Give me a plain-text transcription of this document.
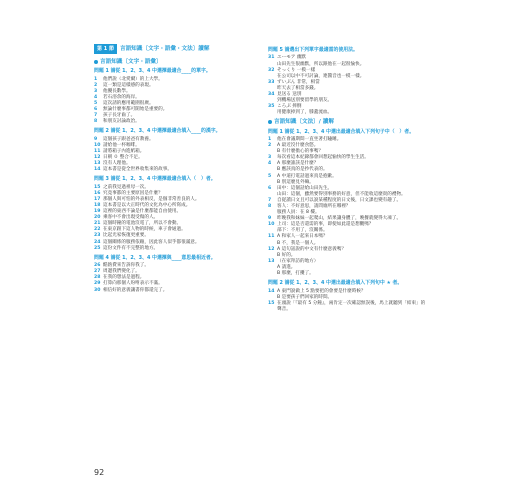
第 1 節	言語知識〔文字・語彙・文法〕讀解
言語知識〔文字・語彙〕
問題 1 請從 1、2、3、4 中選擇最適合____的單字。
1	他們說（北愛爾）的上大學。
2	這一類是這樣感的表現。
3	他擾長數學。
4	若石浴余的海岸。
5	這次請的應用範圍很廣。
6	無論什麼事都可開始是重要的。
7	孩子長牙齒了。
8	和朋友討論政治。
問題 2 請從 1、2、3、4 中選擇最適合填入____的漢字。
9	這個孩子跟爸爸有教養。
10 請給他一杯咖啡。
11 請將箱子內進紙箱。
12 日朝 ０ 整合不足。
13 沒有人理他。
14 這本書是從全世界收集來的故事。
問題 3 請從 1、2、3、4 中選擇最適合填入（　）者。
15 之前我見過祖母一次。
16 究竟事都的主要原因是什麼？
17 那個人與可怕的外表相反，是個非常善良的人。
18 這本書是以大正時代的文化為中心所寫成。
19 這裡的東西不論是什麼都能自由使用。
20 乘客中不會出現受傷的人。
21 這個時鐘的電池沒電了，所以不會動。
22 在東京跟下這人物的時候，車子會通過。
23 比起光家恢復更重要。
24 這個關係的服務依賴，因此客人似乎都很滿意。
25 這份文件有不完整的地方。
問題 4 請從 1、2、3、4 中選擇與____意思最相近者。
26 酷熱費來告訴你我了。
27 周邊我們變化了。
28 在我的想法是過程。
29 打算向那個人吩咐表示不滿。
30 相信好的意義讓書你都還完了。
問題 5 請選出下列單字最適當的使用法。
31 ユーモア 幽默
山田先生很幽默，所以跟他在一起很愉快。
32 そっくり 一模一樣
在公司以中不可討論，連醬音也一模一樣。
33 ずいぶん 非常，相當
昨天去了相當多錢。
34 見送る 送別
到機場送別要留學的朋友。
35 ころぶ 摔倒
用健康掉到了，膝蓋流血。
言語知識〔文法〕/ 讀解
問題 1 請從 1、2、3、4 中選出最適合填入下列句子中（　）者。
1	他在會議期間一直坐著打瞌睡。
2	A 最近沒什麼食慾。
B 有什麼擔心的事嗎？
3	每次看這本紀錄都會回想起愉快的學生生活。
4	A 那麼誰該是什麼？
B 應該真的是抄代表的。
5	A 中道打電話過來真是抱歉。
B 別這麼見外嘛。
6	田中：這個話給山田先生。
山田：這個，雖然要得別事務的好意，但不能收這麼貴的禮物。
7	自從讀日文且可以說某種程度的日文後，日文課也變有趣了。
8	客人：不好意思，請問廁所在哪裡？
服務人員：在 8 樓。
9	昨晚我和妹妹一起爬山，結果讓身體了，晚餐就變得大凍了。
10 上司：這是否還需的事，即使如此還是想觀嗎？
部下：不用了，沒關係。
11 A 和家人一起來日本嗎？
B 不，我是一個人。
12 A 這句話說的中文有什麼意義嗎？
B 好的。
13 （在家拜訪的地方）
A 請進。
B 那麼，打擾了。
問題 2 請從 1、2、3、4 中選出最適合填入下列句中 ★ 者。
14 A 東門說做上 5 點要把的會要是什麼時候？
B 是要孩子們回家的時間。
15 在頭說「『最有 5 分鐘』，兩肯定一次確認無誤後，馬上就聽到「結束」的聲音。
92
